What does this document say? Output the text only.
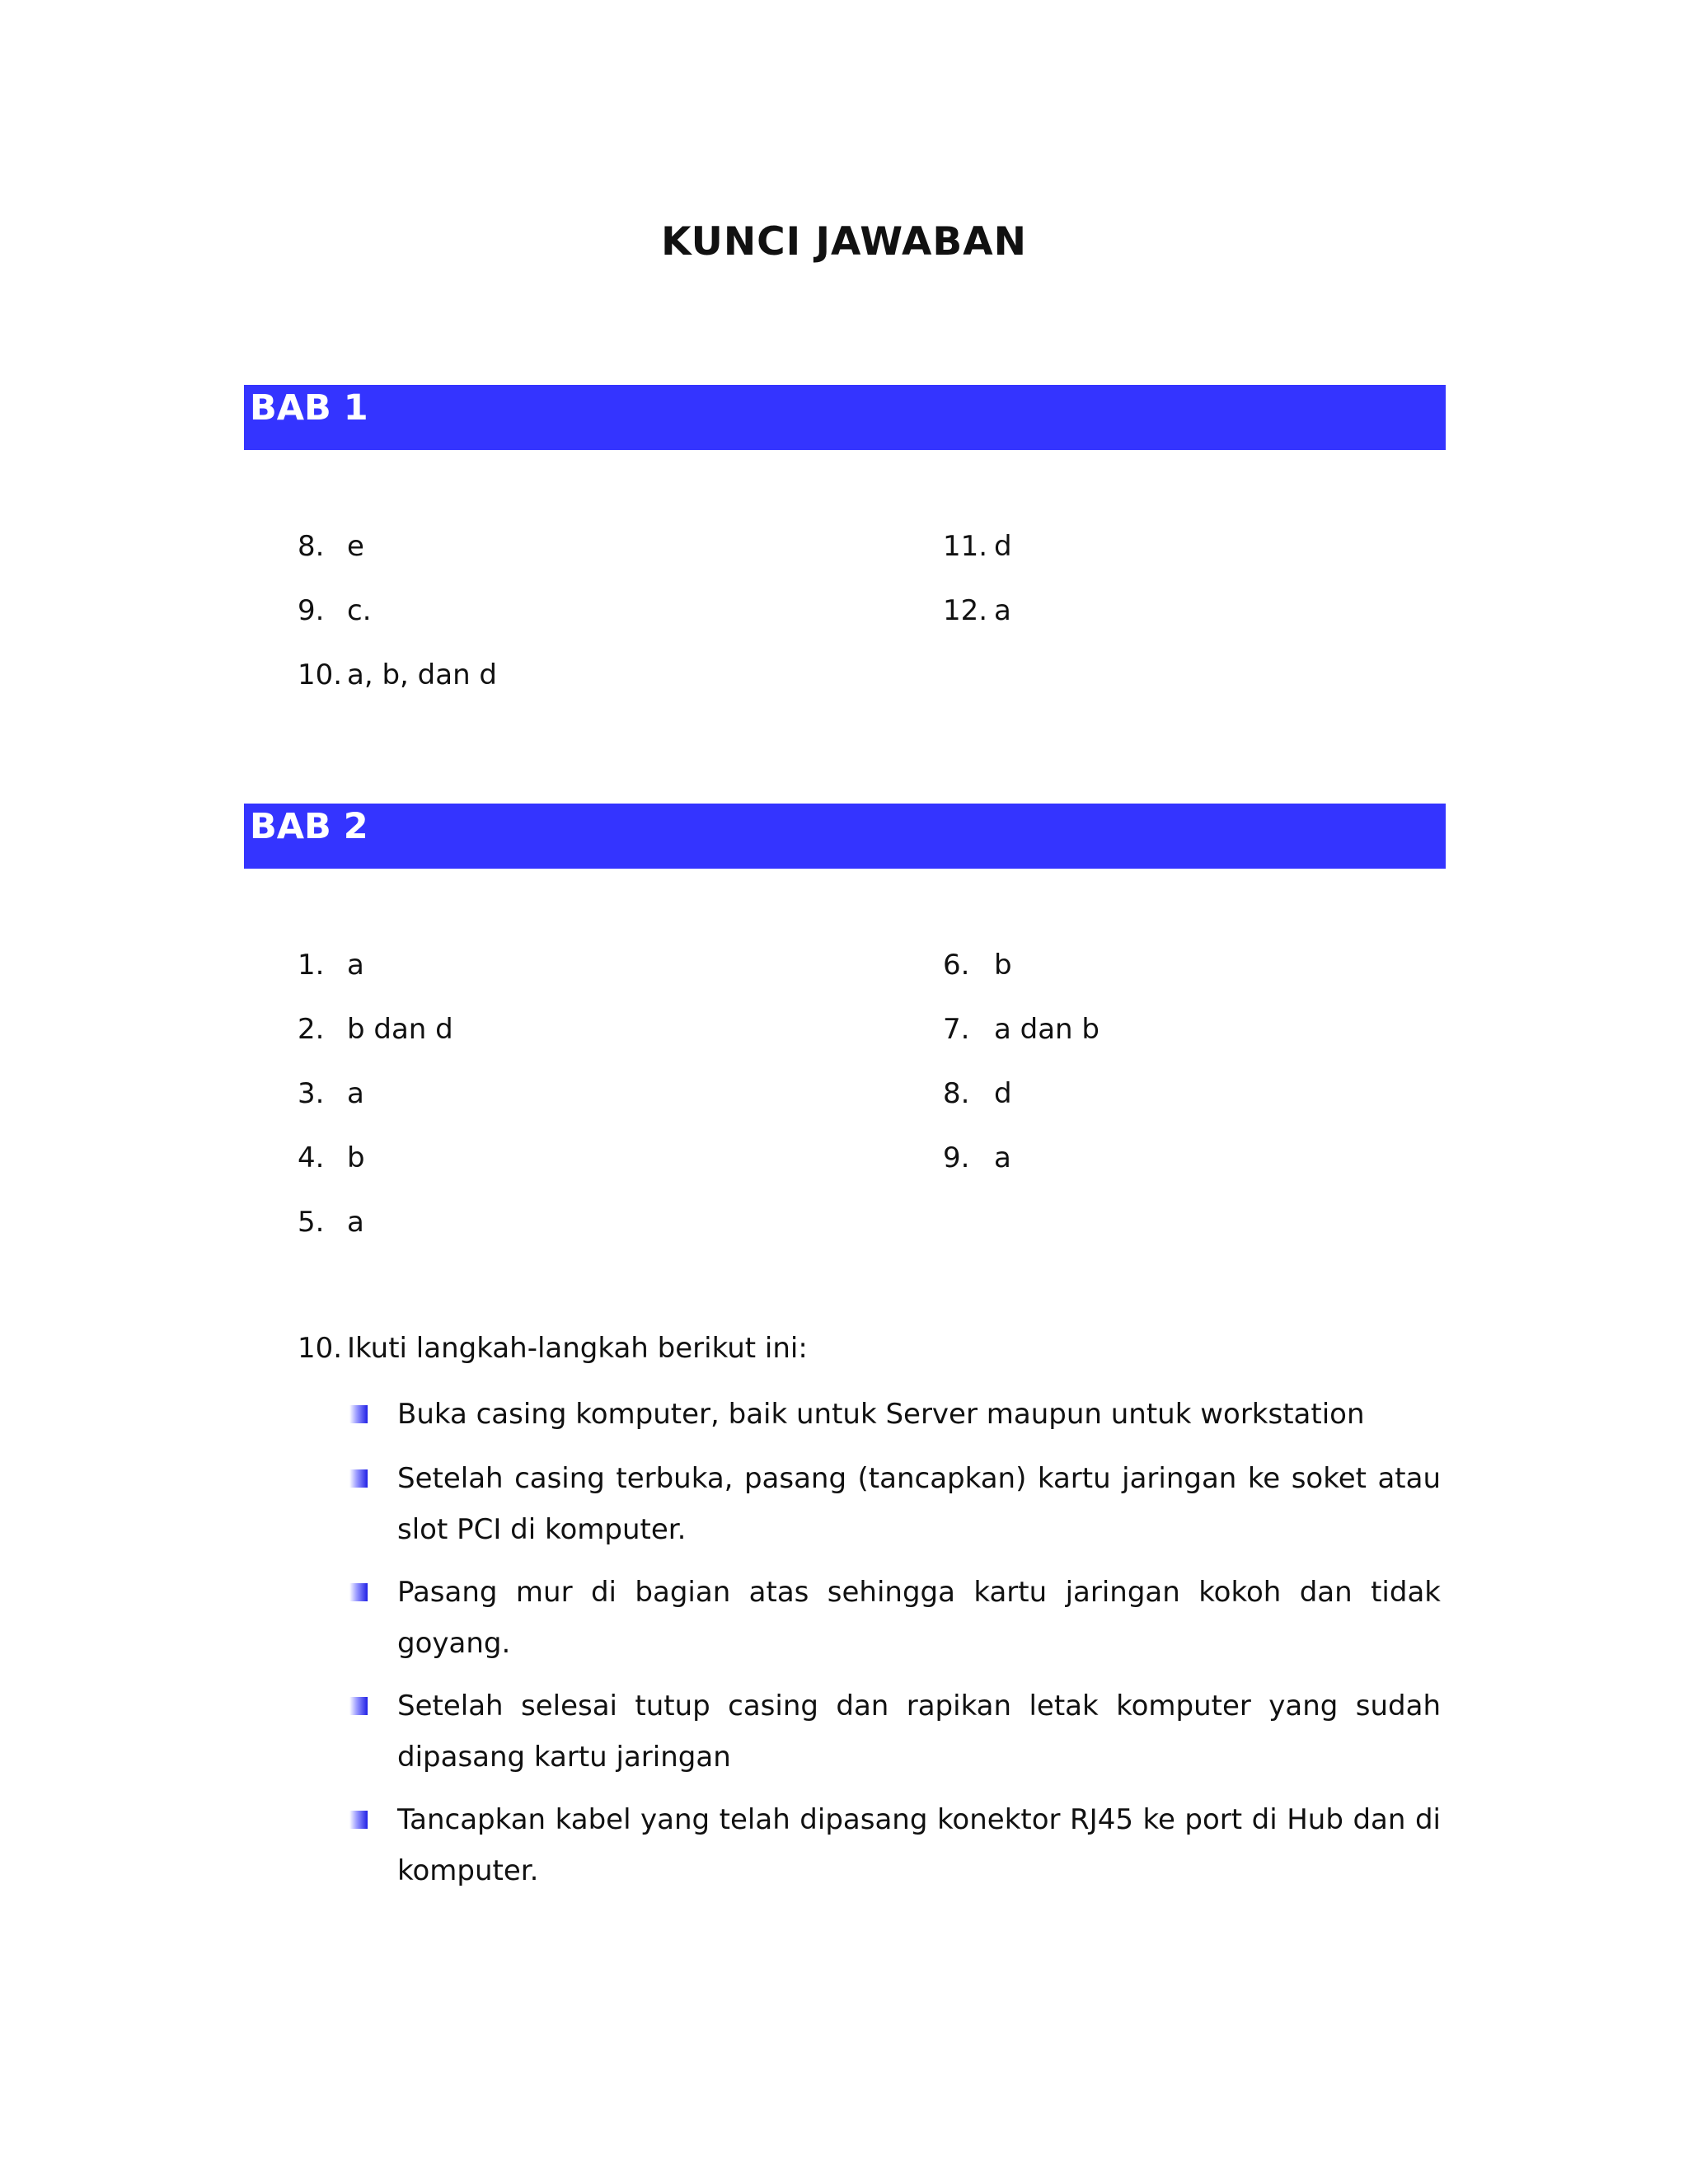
KUNCI JAWABAN
BAB 1
8. e
9. c.
10. a, b, dan d
11. d
12. a
BAB 2
1. a
2. b dan d
3. a
4. b
5. a
6. b
7. a dan b
8. d
9. a
10. Ikuti langkah-langkah berikut ini:
Buka casing komputer, baik untuk Server maupun untuk workstation
Setelah casing terbuka, pasang (tancapkan) kartu jaringan ke soket atau slot PCI di komputer.
Pasang mur di bagian atas sehingga kartu jaringan kokoh dan tidak goyang.
Setelah selesai tutup casing dan rapikan letak komputer yang sudah dipasang kartu jaringan
Tancapkan kabel yang telah dipasang konektor RJ45 ke port di Hub dan di komputer.
